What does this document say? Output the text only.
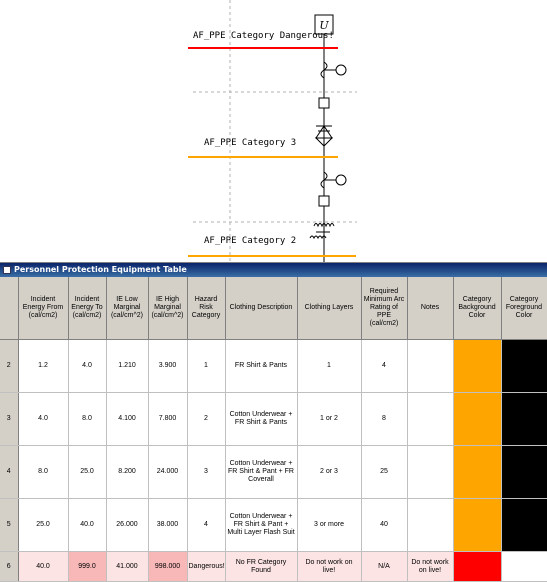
U
AF_PPE Category Dangerous!
AF_PPE Category 3
AF_PPE Category 2
Personnel Protection Equipment Table
	Incident Energy From (cal/cm2)	Incident Energy To (cal/cm2)	IE Low Marginal (cal/cm^2)	IE High Marginal (cal/cm^2)	Hazard Risk Category	Clothing Description	Clothing Layers	Required Minimum Arc Rating of PPE (cal/cm2)	Notes	Category Background Color	Category Foreground Color
2	1.2	4.0	1.210	3.900	1	FR Shirt & Pants	1	4			
3	4.0	8.0	4.100	7.800	2	Cotton Underwear + FR Shirt & Pants	1 or 2	8			
4	8.0	25.0	8.200	24.000	3	Cotton Underwear + FR Shirt & Pant + FR Coverall	2 or 3	25			
5	25.0	40.0	26.000	38.000	4	Cotton Underwear + FR Shirt & Pant + Multi Layer Flash Suit	3 or more	40			
6	40.0	999.0	41.000	998.000	Dangerous!	No FR Category Found	Do not work on live!	N/A	Do not work on live!		
